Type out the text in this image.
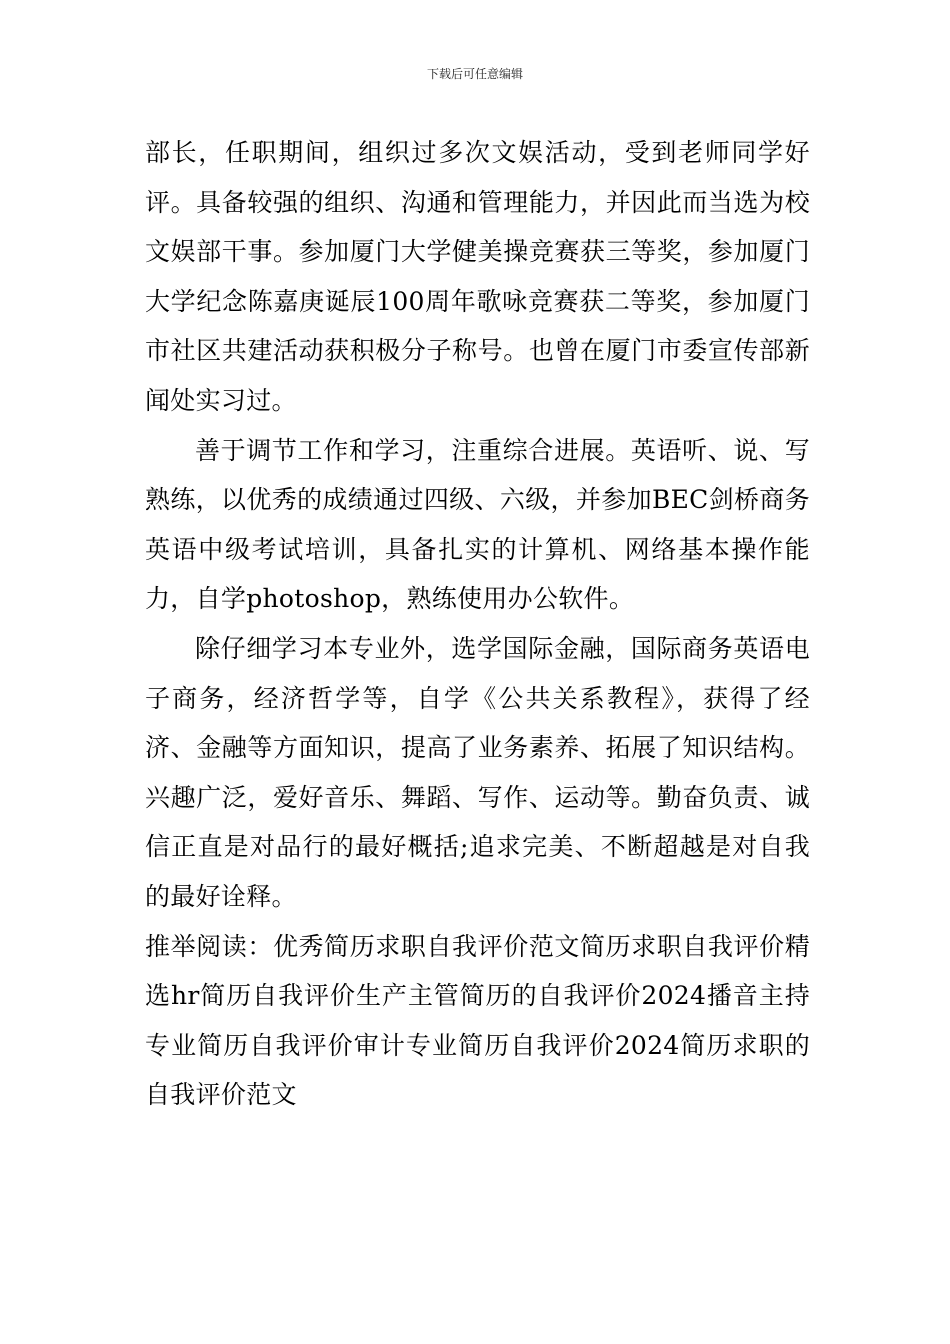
下载后可任意编辑

部长，任职期间，组织过多次文娱活动，受到老师同学好评。具备较强的组织、沟通和管理能力，并因此而当选为校文娱部干事。参加厦门大学健美操竞赛获三等奖，参加厦门大学纪念陈嘉庚诞辰100周年歌咏竞赛获二等奖，参加厦门市社区共建活动获积极分子称号。也曾在厦门市委宣传部新闻处实习过。

善于调节工作和学习，注重综合进展。英语听、说、写熟练，以优秀的成绩通过四级、六级，并参加BEC剑桥商务英语中级考试培训，具备扎实的计算机、网络基本操作能力，自学photoshop，熟练使用办公软件。

除仔细学习本专业外，选学国际金融，国际商务英语电子商务，经济哲学等，自学《公共关系教程》，获得了经济、金融等方面知识，提高了业务素养、拓展了知识结构。兴趣广泛，爱好音乐、舞蹈、写作、运动等。勤奋负责、诚信正直是对品行的最好概括;追求完美、不断超越是对自我的最好诠释。

推举阅读：优秀简历求职自我评价范文简历求职自我评价精选hr简历自我评价生产主管简历的自我评价2024播音主持专业简历自我评价审计专业简历自我评价2024简历求职的自我评价范文
